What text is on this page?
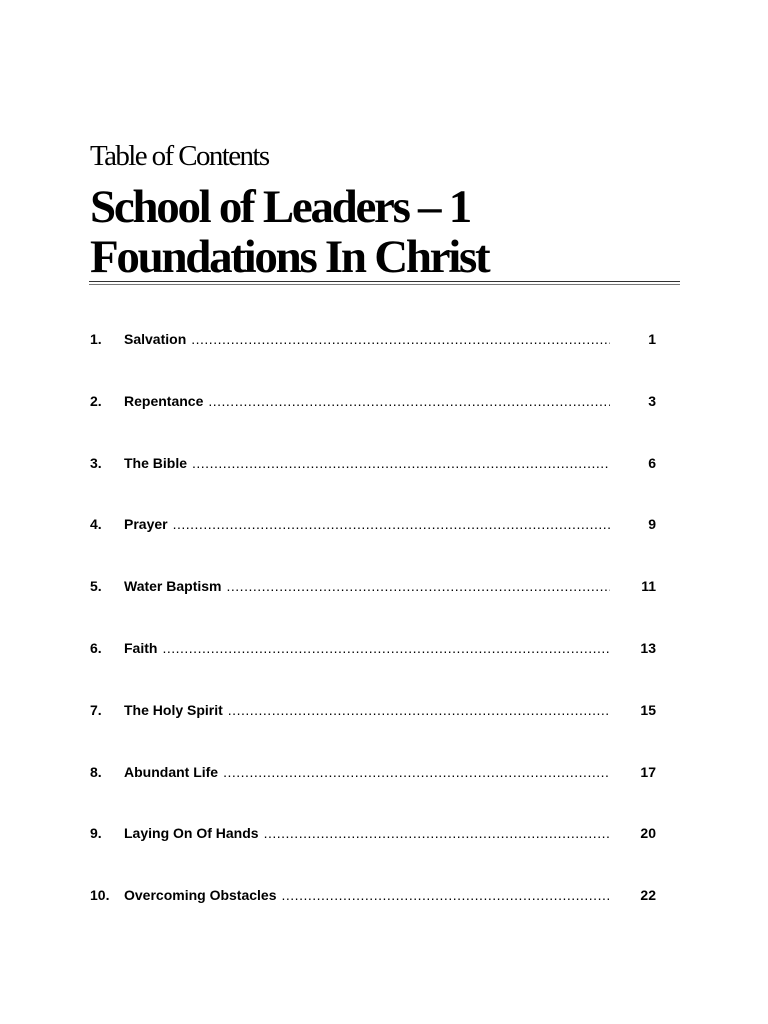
Table of Contents
School of Leaders – 1
Foundations In Christ
1.	Salvation .....	1
2.	Repentance .....	3
3.	The Bible .....	6
4.	Prayer .....	9
5.	Water Baptism .....	11
6.	Faith .....	13
7.	The Holy Spirit .....	15
8.	Abundant Life .....	17
9.	Laying On Of Hands .....	20
10.	Overcoming Obstacles .....	22
